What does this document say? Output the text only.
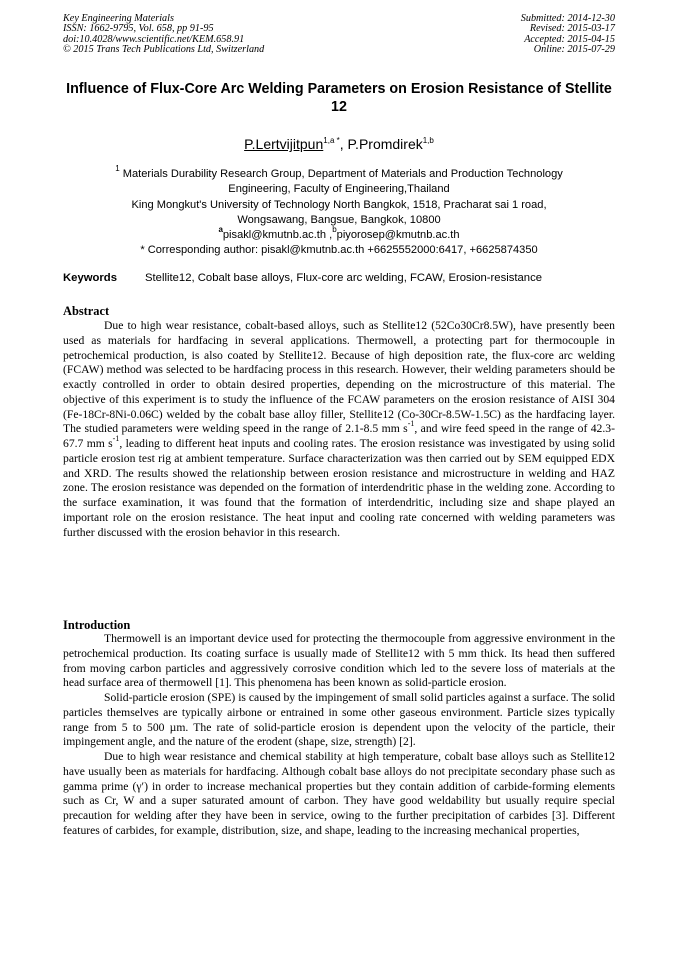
Key Engineering Materials
ISSN: 1662-9795, Vol. 658, pp 91-95
doi:10.4028/www.scientific.net/KEM.658.91
© 2015 Trans Tech Publications Ltd, Switzerland
Submitted: 2014-12-30
Revised: 2015-03-17
Accepted: 2015-04-15
Online: 2015-07-29
Influence of Flux-Core Arc Welding Parameters on Erosion Resistance of Stellite 12
P.Lertvijitpun$^{1,a *}$, P.Promdirek$^{1,b}$
$^1$ Materials Durability Research Group, Department of Materials and Production Technology
Engineering, Faculty of Engineering,Thailand
King Mongkut's University of Technology North Bangkok, 1518, Pracharat sai 1 road,
Wongsawang, Bangsue, Bangkok, 10800
$^a$pisakl@kmutnb.ac.th ,$^b$piyorosep@kmutnb.ac.th
* Corresponding author: pisakl@kmutnb.ac.th +6625552000:6417, +6625874350
Keywords Stellite12, Cobalt base alloys, Flux-core arc welding, FCAW, Erosion-resistance
Abstract

Due to high wear resistance, cobalt-based alloys, such as Stellite12 (52Co30Cr8.5W), have presently been used as materials for hardfacing in several applications. Thermowell, a protecting part for thermocouple in petrochemical production, is also coated by Stellite12. Because of high deposition rate, the flux-core arc welding (FCAW) method was selected to be hardfacing process in this research. However, their welding parameters should be exactly controlled in order to obtain desired properties, depending on the microstructure of this material. The objective of this experiment is to study the influence of the FCAW parameters on the erosion resistance of AISI 304 (Fe-18Cr-8Ni-0.06C) welded by the cobalt base alloy filler, Stellite12 (Co-30Cr-8.5W-1.5C) as the hardfacing layer. The studied parameters were welding speed in the range of 2.1-8.5 mm $s^{-1}$, and wire feed speed in the range of 42.3-67.7 mm $s^{-1}$, leading to different heat inputs and cooling rates. The erosion resistance was investigated by using solid particle erosion test rig at ambient temperature. Surface characterization was then carried out by SEM equipped EDX and XRD. The results showed the relationship between erosion resistance and microstructure in welding and HAZ zone. The erosion resistance was depended on the formation of interdendritic phase in the welding zone. According to the surface examination, it was found that the formation of interdendritic, including size and shape played an important role on the erosion resistance. The heat input and cooling rate concerned with welding parameters was further discussed with the erosion behavior in this research.

Introduction

Thermowell is an important device used for protecting the thermocouple from aggressive environment in the petrochemical production. Its coating surface is usually made of Stellite12 with 5 mm thick. Its head then suffered from moving carbon particles and aggressively corrosive condition which led to the severe loss of materials at the head surface area of thermowell [1]. This phenomena has been known as solid-particle erosion.

Solid-particle erosion (SPE) is caused by the impingement of small solid particles against a surface. The solid particles themselves are typically airbone or entrained in some other gaseous environment. Particle sizes typically range from 5 to 500 µm. The rate of solid-particle erosion is dependent upon the velocity of the particle, their impingement angle, and the nature of the erodent (shape, size, strength) [2].

Due to high wear resistance and chemical stability at high temperature, cobalt base alloys such as Stellite12 have usually been as materials for hardfacing. Although cobalt base alloys do not precipitate secondary phase such as gamma prime (γ′) in order to increase mechanical properties but they contain addition of carbide-forming elements such as Cr, W and a super saturated amount of carbon. They have good weldability but usually require special precaution for welding after they have been in service, owing to the further precipitation of carbides [3]. Different features of carbides, for example, distribution, size, and shape, leading to the increasing mechanical properties,
